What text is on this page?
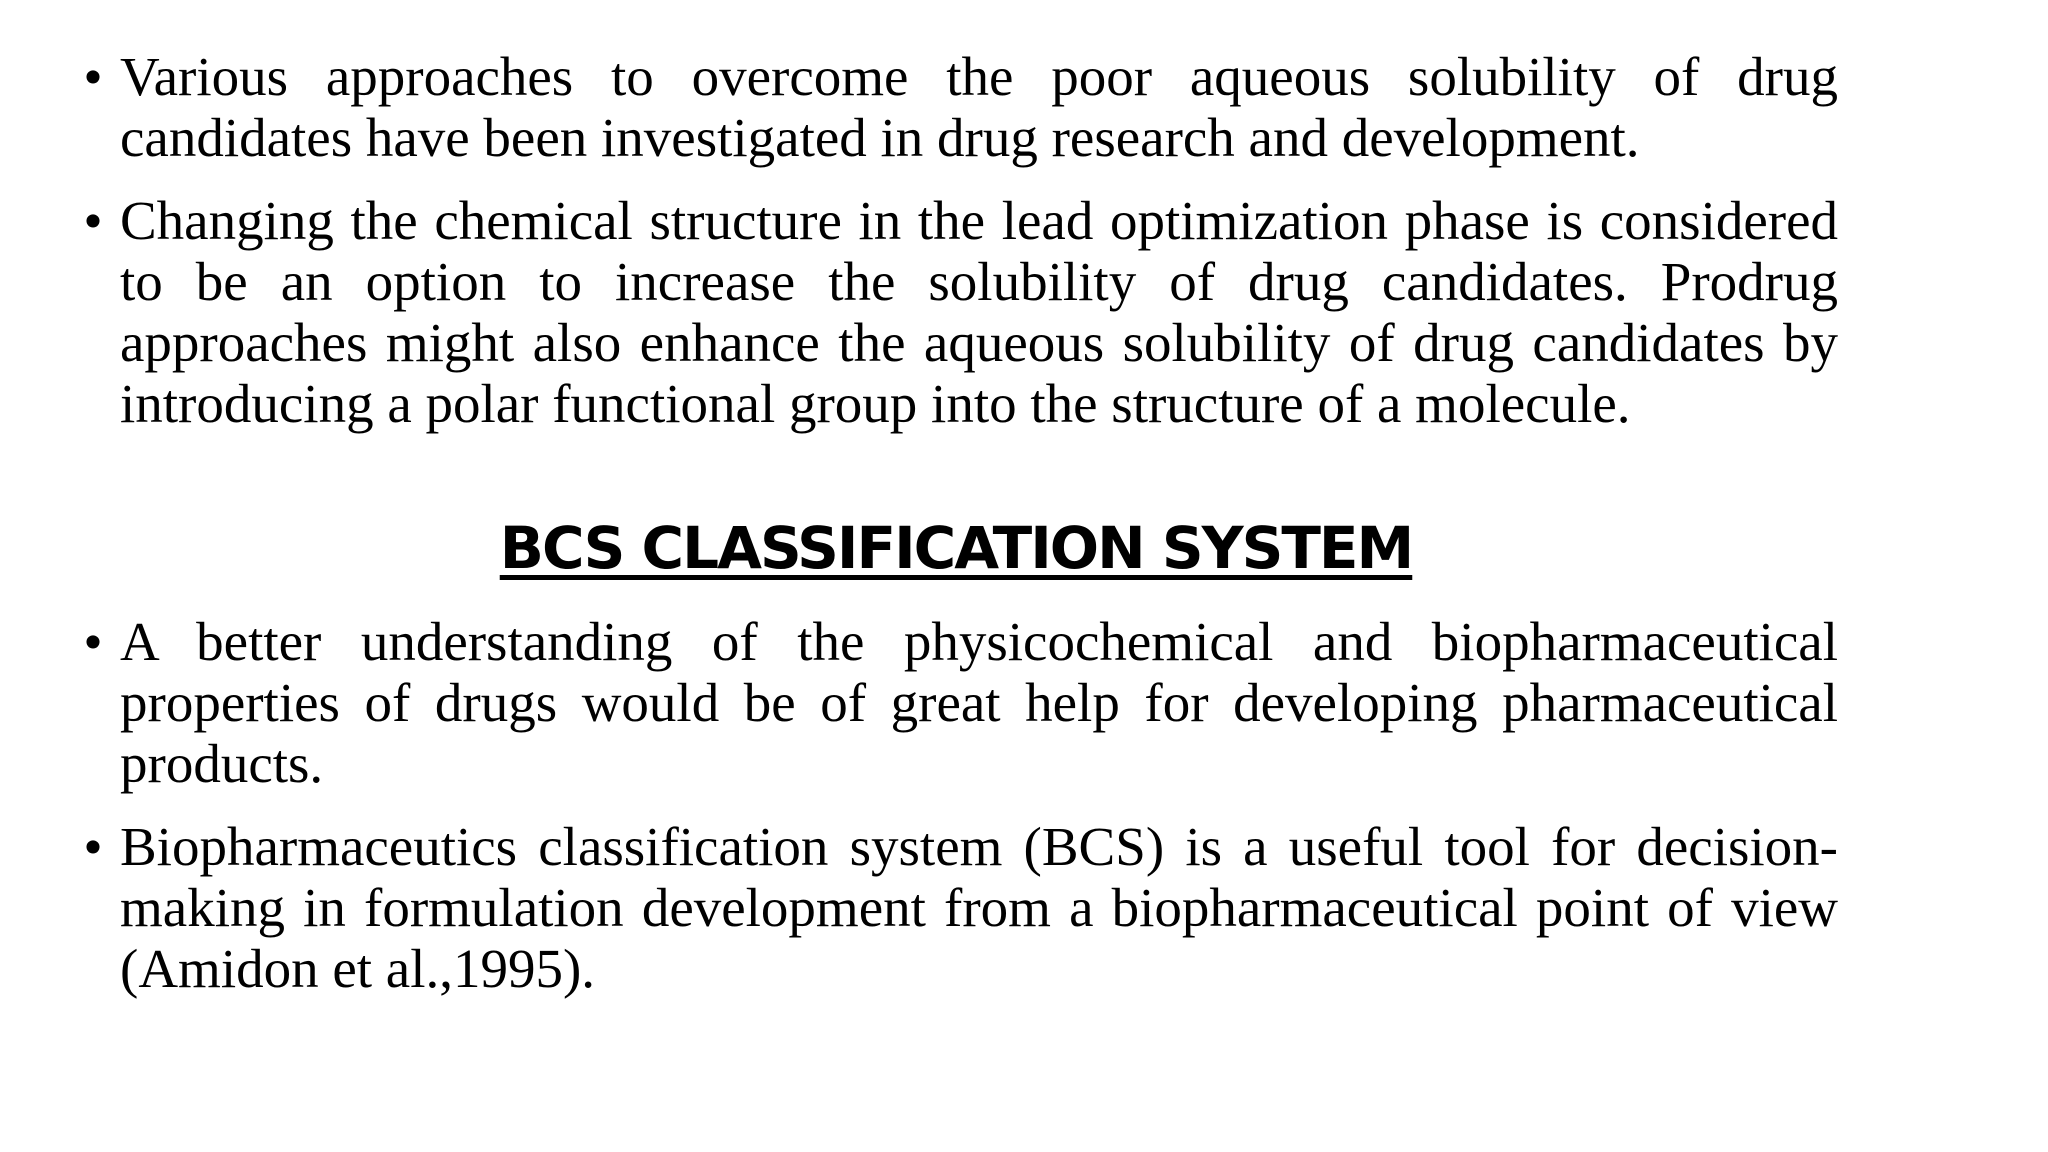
• Various approaches to overcome the poor aqueous solubility of drug candidates have been investigated in drug research and development.
• Changing the chemical structure in the lead optimization phase is considered to be an option to increase the solubility of drug candidates. Prodrug approaches might also enhance the aqueous solubility of drug candidates by introducing a polar functional group into the structure of a molecule.
BCS CLASSIFICATION SYSTEM
• A better understanding of the physicochemical and biopharmaceutical properties of drugs would be of great help for developing pharmaceutical products.
• Biopharmaceutics classification system (BCS) is a useful tool for decision-making in formulation development from a biopharmaceutical point of view (Amidon et al.,1995).
